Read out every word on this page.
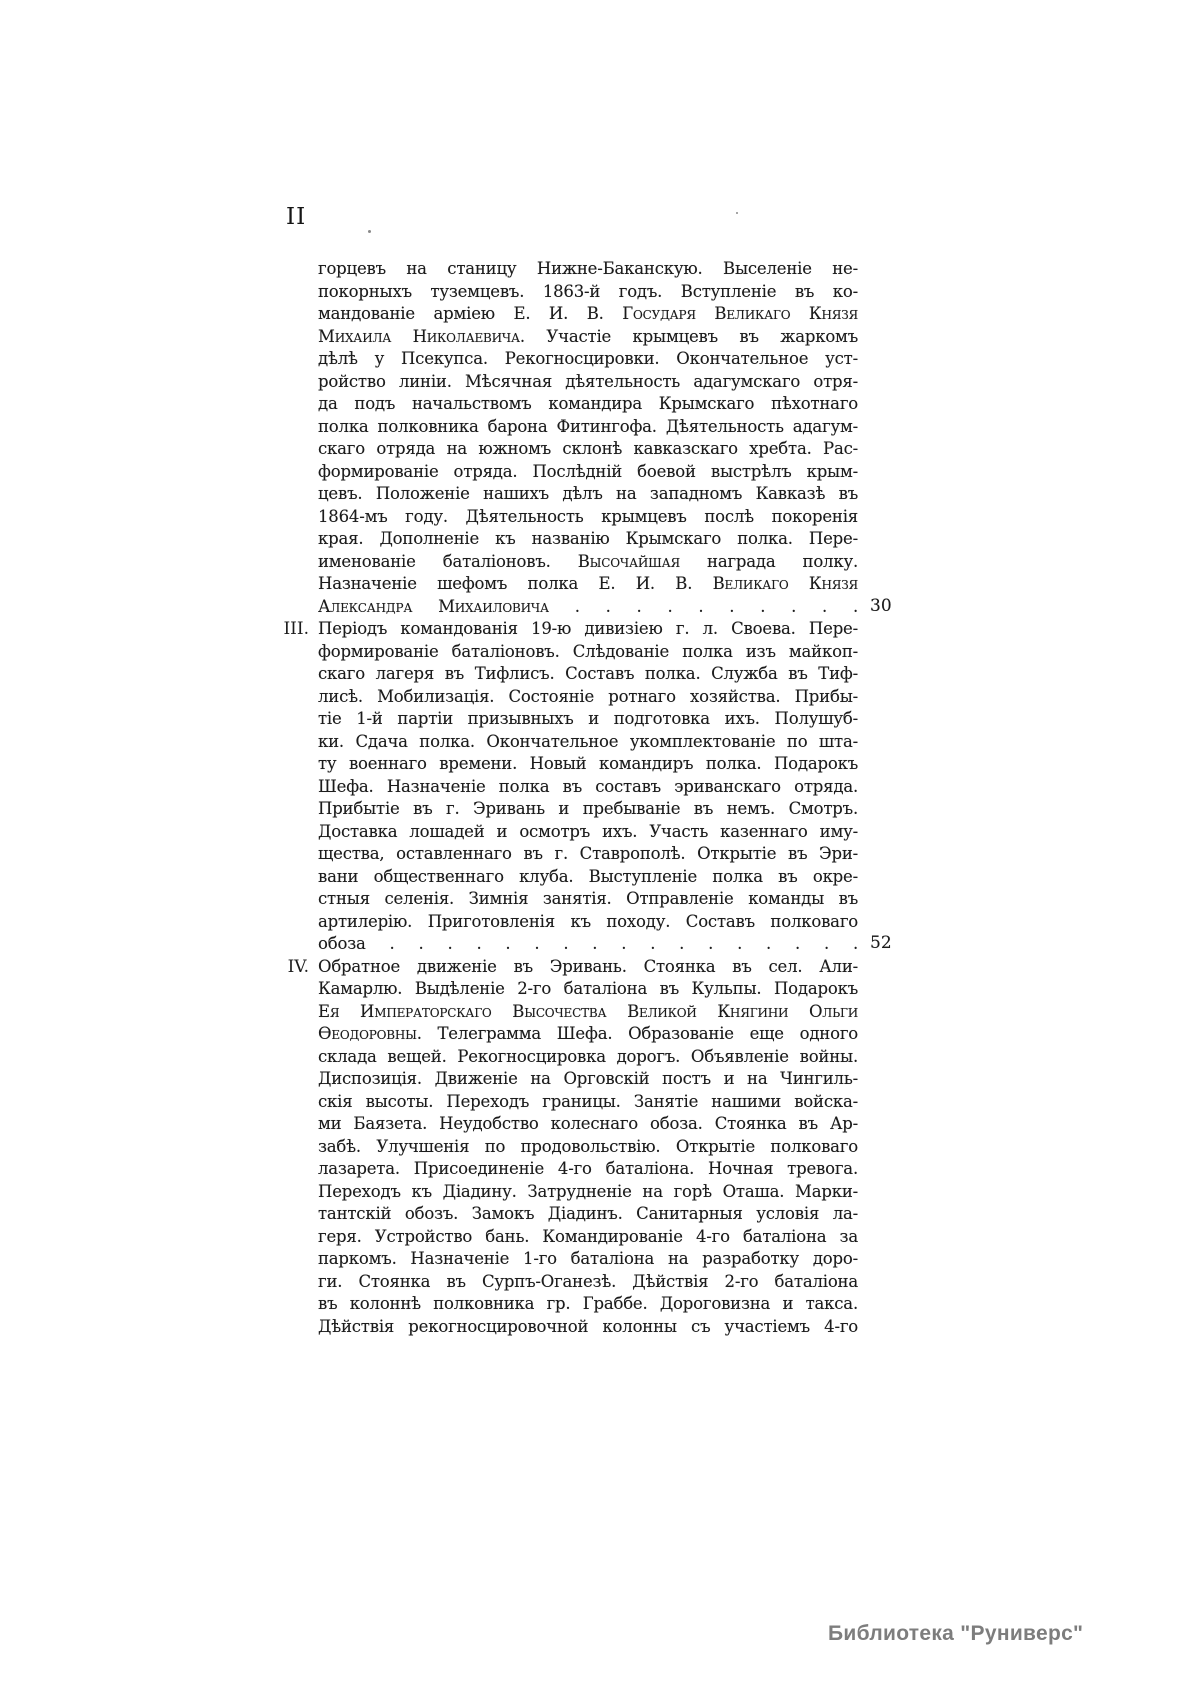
II
горцевъ на станицу Нижне-Баканскую. Выселеніе не-
покорныхъ туземцевъ. 1863-й годъ. Вступленіе въ ко-
мандованіе арміею Е. И. В. Государя Великаго Князя
Михаила Николаевича. Участіе крымцевъ въ жаркомъ
дѣлѣ у Псекупса. Рекогносцировки. Окончательное уст-
ройство линіи. Мѣсячная дѣятельность адагумскаго отря-
да подъ начальствомъ командира Крымскаго пѣхотнаго
полка полковника барона Фитингофа. Дѣятельность адагум-
скаго отряда на южномъ склонѣ кавказскаго хребта. Рас-
формированіе отряда. Послѣдній боевой выстрѣлъ крым-
цевъ. Положеніе нашихъ дѣлъ на западномъ Кавказѣ въ
1864-мъ году. Дѣятельность крымцевъ послѣ покоренія
края. Дополненіе къ названію Крымскаго полка. Пере-
именованіе баталіоновъ. Высочайшая награда полку.
Назначеніе шефомъ полка Е. И. В. Великаго Князя
Александра Михаиловича . . . . . . . . . . 30
III. Періодъ командованія 19-ю дивизіею г. л. Своева. Пере-
формированіе баталіоновъ. Слѣдованіе полка изъ майкоп-
скаго лагеря въ Тифлисъ. Составъ полка. Служба въ Тиф-
лисѣ. Мобилизація. Состояніе ротнаго хозяйства. Прибы-
тіе 1-й партіи призывныхъ и подготовка ихъ. Полушуб-
ки. Сдача полка. Окончательное укомплектованіе по шта-
ту военнаго времени. Новый командиръ полка. Подарокъ
Шефа. Назначеніе полка въ составъ эриванскаго отряда.
Прибытіе въ г. Эривань и пребываніе въ немъ. Смотръ.
Доставка лошадей и осмотръ ихъ. Участь казеннаго иму-
щества, оставленнаго въ г. Ставрополѣ. Открытіе въ Эри-
вани общественнаго клуба. Выступленіе полка въ окре-
стныя селенія. Зимнія занятія. Отправленіе команды въ
артилерію. Приготовленія къ походу. Составъ полковаго
обоза . . . . . . . . . . . . . . . . . 52
IV. Обратное движеніе въ Эривань. Стоянка въ сел. Али-
Камарлю. Выдѣленіе 2-го баталіона въ Кульпы. Подарокъ
Ея Императорскаго Высочества Великой Княгини Ольги
Ѳеодоровны. Телеграмма Шефа. Образованіе еще одного
склада вещей. Рекогносцировка дорогъ. Объявленіе войны.
Диспозиція. Движеніе на Орговскій постъ и на Чингиль-
скія высоты. Переходъ границы. Занятіе нашими войска-
ми Баязета. Неудобство колеснаго обоза. Стоянка въ Ар-
забѣ. Улучшенія по продовольствію. Открытіе полковаго
лазарета. Присоединеніе 4-го баталіона. Ночная тревога.
Переходъ къ Діадину. Затрудненіе на горѣ Оташа. Марки-
тантскій обозъ. Замокъ Діадинъ. Санитарныя условія ла-
геря. Устройство бань. Командированіе 4-го баталіона за
паркомъ. Назначеніе 1-го баталіона на разработку доро-
ги. Стоянка въ Сурпъ-Оганезѣ. Дѣйствія 2-го баталіона
въ колоннѣ полковника гр. Граббе. Дороговизна и такса.
Дѣйствія рекогносцировочной колонны съ участіемъ 4-го
Библиотека "Руниверс"
